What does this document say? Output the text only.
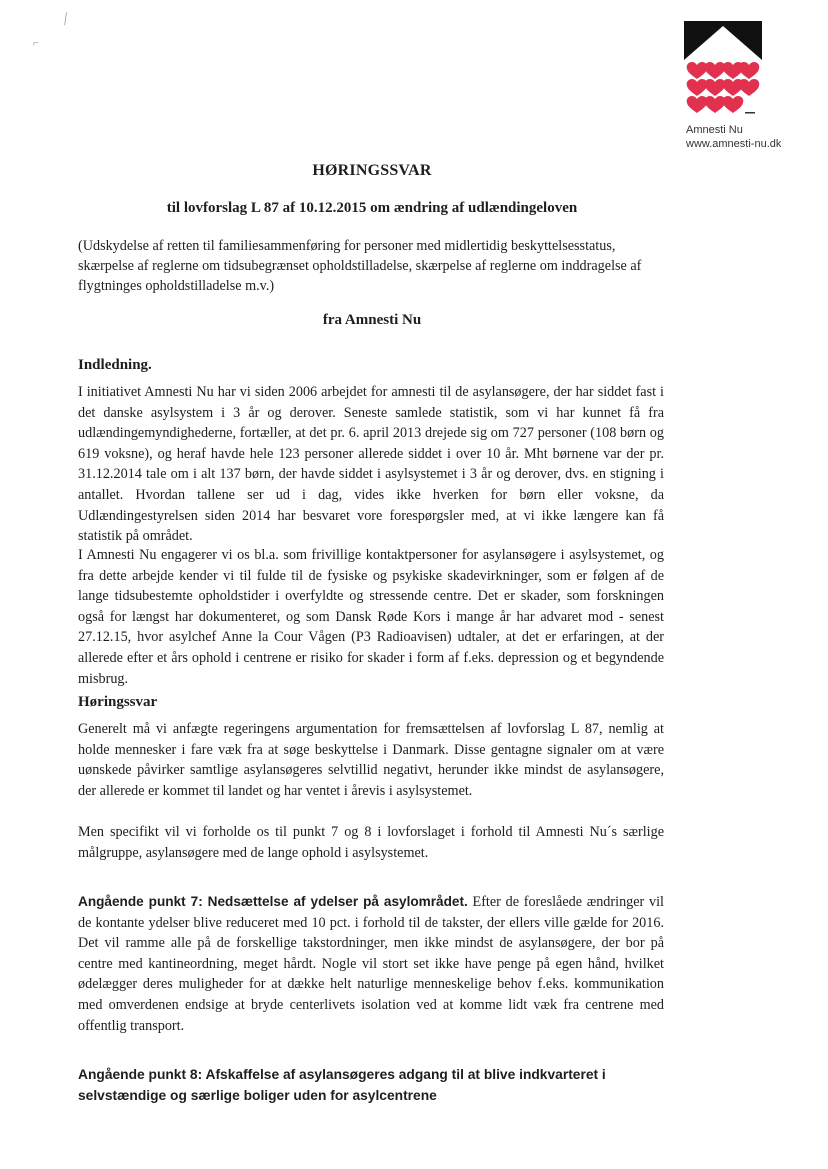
╲
⌐
Amnesti Nu
www.amnesti-nu.dk
HØRINGSSVAR
til lovforslag L 87 af 10.12.2015 om ændring af udlændingeloven
(Udskydelse af retten til familiesammenføring for personer med midlertidig beskyttelsesstatus, skærpelse af reglerne om tidsubegrænset opholdstilladelse, skærpelse af reglerne om inddragelse af flygtninges opholdstilladelse m.v.)
fra Amnesti Nu
Indledning.

I initiativet Amnesti Nu har vi siden 2006 arbejdet for amnesti til de asylansøgere, der har siddet fast i det danske asylsystem i 3 år og derover. Seneste samlede statistik, som vi har kunnet få fra udlændingemyndighederne, fortæller, at det pr. 6. april 2013 drejede sig om 727 personer (108 børn og 619 voksne), og heraf havde hele 123 personer allerede siddet i over 10 år. Mht børnene var der pr. 31.12.2014 tale om i alt 137 børn, der havde siddet i asylsystemet i 3 år og derover, dvs. en stigning i antallet. Hvordan tallene ser ud i dag, vides ikke hverken for børn eller voksne, da Udlændingestyrelsen siden 2014 har besvaret vore forespørgsler med, at vi ikke længere kan få statistik på området.

I Amnesti Nu engagerer vi os bl.a. som frivillige kontaktpersoner for asylansøgere i asylsystemet, og fra dette arbejde kender vi til fulde til de fysiske og psykiske skadevirkninger, som er følgen af de lange tidsubestemte opholdstider i overfyldte og stressende centre. Det er skader, som forskningen også for længst har dokumenteret, og som Dansk Røde Kors i mange år har advaret mod - senest 27.12.15, hvor asylchef Anne la Cour Vågen (P3 Radioavisen) udtaler, at det er erfaringen, at der allerede efter et års ophold i centrene er risiko for skader i form af f.eks. depression og et begyndende misbrug.

Høringssvar

Generelt må vi anfægte regeringens argumentation for fremsættelsen af lovforslag L 87, nemlig at holde mennesker i fare væk fra at søge beskyttelse i Danmark. Disse gentagne signaler om at være uønskede påvirker samtlige asylansøgeres selvtillid negativt, herunder ikke mindst de asylansøgere, der allerede er kommet til landet og har ventet i årevis i asylsystemet.

Men specifikt vil vi forholde os til punkt 7 og 8 i lovforslaget i forhold til Amnesti Nu´s særlige målgruppe, asylansøgere med de lange ophold i asylsystemet.

Angående punkt 7: Nedsættelse af ydelser på asylområdet. Efter de foreslåede ændringer vil de kontante ydelser blive reduceret med 10 pct. i forhold til de takster, der ellers ville gælde for 2016. Det vil ramme alle på de forskellige takstordninger, men ikke mindst de asylansøgere, der bor på centre med kantineordning, meget hårdt. Nogle vil stort set ikke have penge på egen hånd, hvilket ødelægger deres muligheder for at dække helt naturlige menneskelige behov f.eks. kommunikation med omverdenen endsige at bryde centerlivets isolation ved at komme lidt væk fra centrene med offentlig transport.

Angående punkt 8: Afskaffelse af asylansøgeres adgang til at blive indkvarteret i selvstændige og særlige boliger uden for asylcentrene
